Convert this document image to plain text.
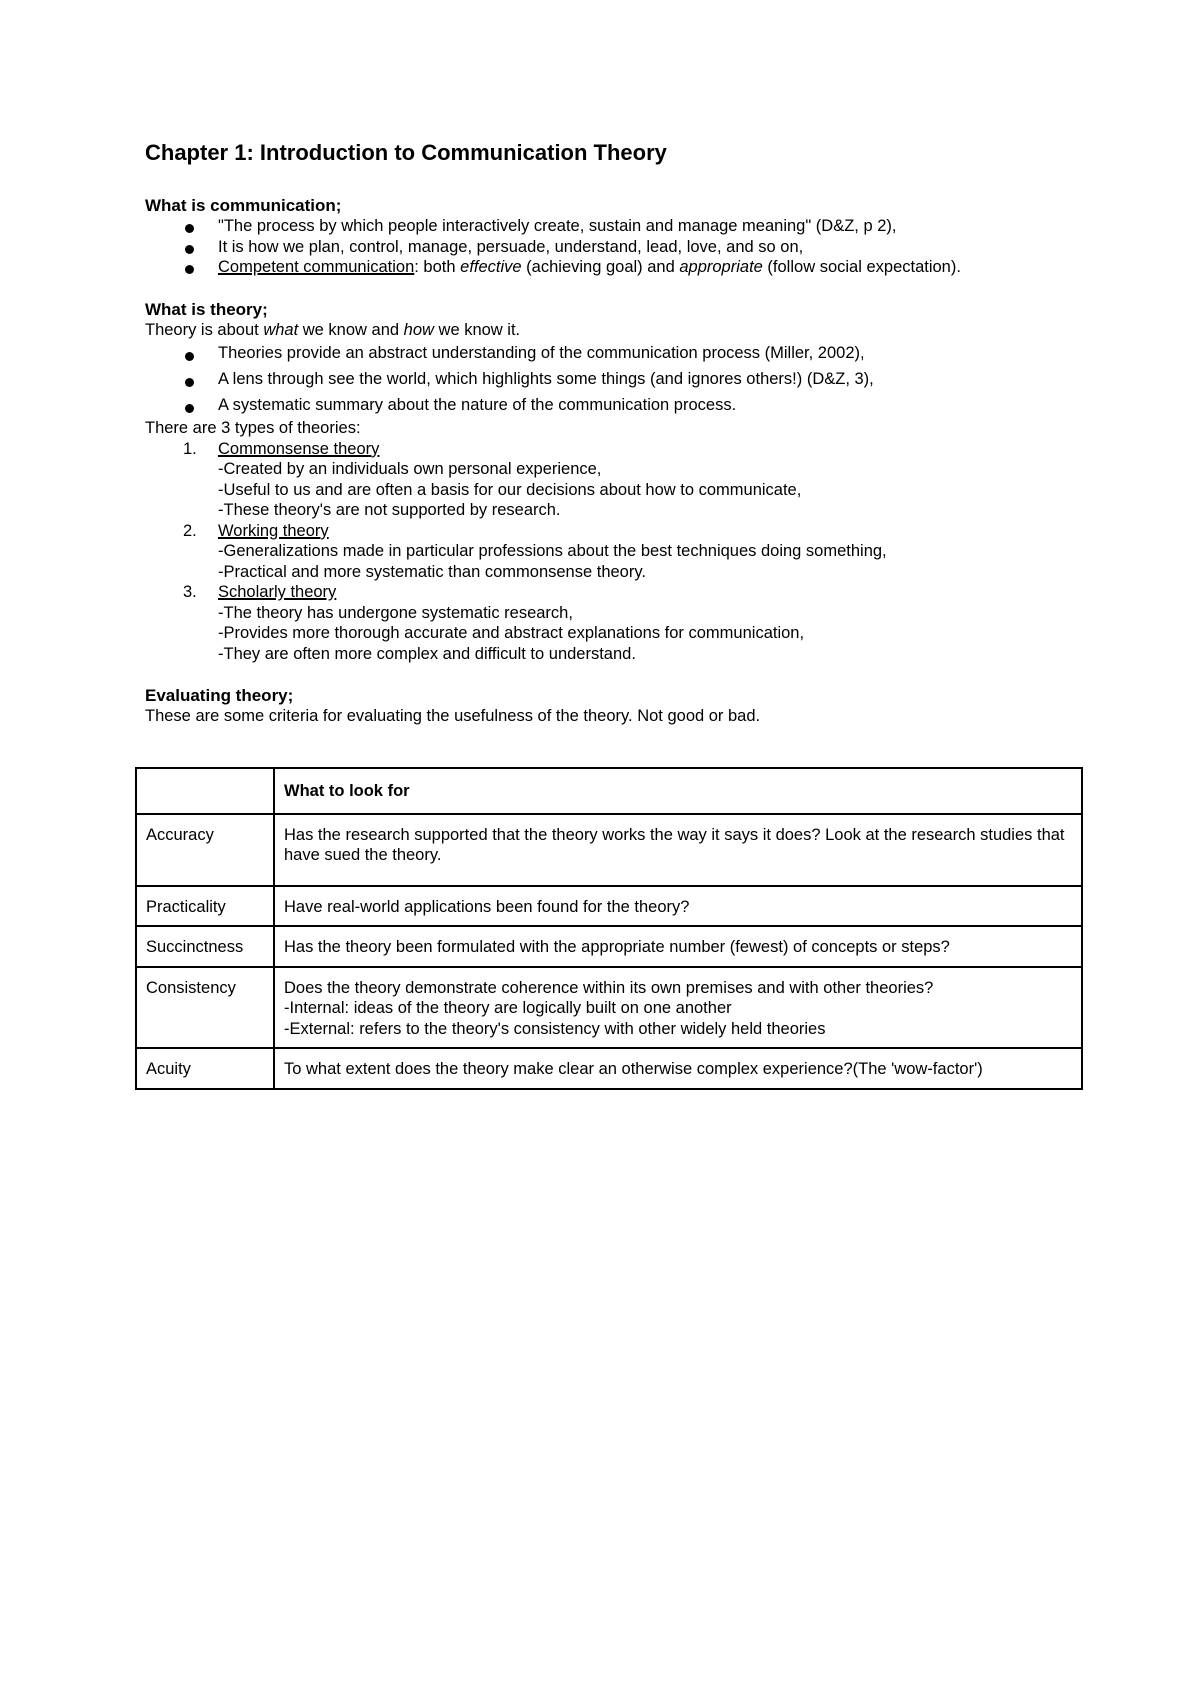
Chapter 1: Introduction to Communication Theory
What is communication;
"The process by which people interactively create, sustain and manage meaning" (D&Z, p 2),
It is how we plan, control, manage, persuade, understand, lead, love, and so on,
Competent communication: both effective (achieving goal) and appropriate (follow social expectation).
What is theory;

Theory is about what we know and how we know it.

Theories provide an abstract understanding of the communication process (Miller, 2002),
A lens through see the world, which highlights some things (and ignores others!) (D&Z, 3),
A systematic summary about the nature of the communication process.

There are 3 types of theories:

1. Commonsense theory
-Created by an individuals own personal experience,
-Useful to us and are often a basis for our decisions about how to communicate,
-These theory's are not supported by research.
2. Working theory
-Generalizations made in particular professions about the best techniques doing something,
-Practical and more systematic than commonsense theory.
3. Scholarly theory
-The theory has undergone systematic research,
-Provides more thorough accurate and abstract explanations for communication,
-They are often more complex and difficult to understand.
Evaluating theory;

These are some criteria for evaluating the usefulness of the theory. Not good or bad.

	What to look for
Accuracy	Has the research supported that the theory works the way it says it does? Look at the research studies that have sued the theory.

Practicality	Have real-world applications been found for the theory?

Succinctness	Has the theory been formulated with the appropriate number (fewest) of concepts or steps?

Consistency	Does the theory demonstrate coherence within its own premises and with other theories?
-Internal: ideas of the theory are logically built on one another
-External: refers to the theory's consistency with other widely held theories

Acuity	To what extent does the theory make clear an otherwise complex experience?(The 'wow-factor')
